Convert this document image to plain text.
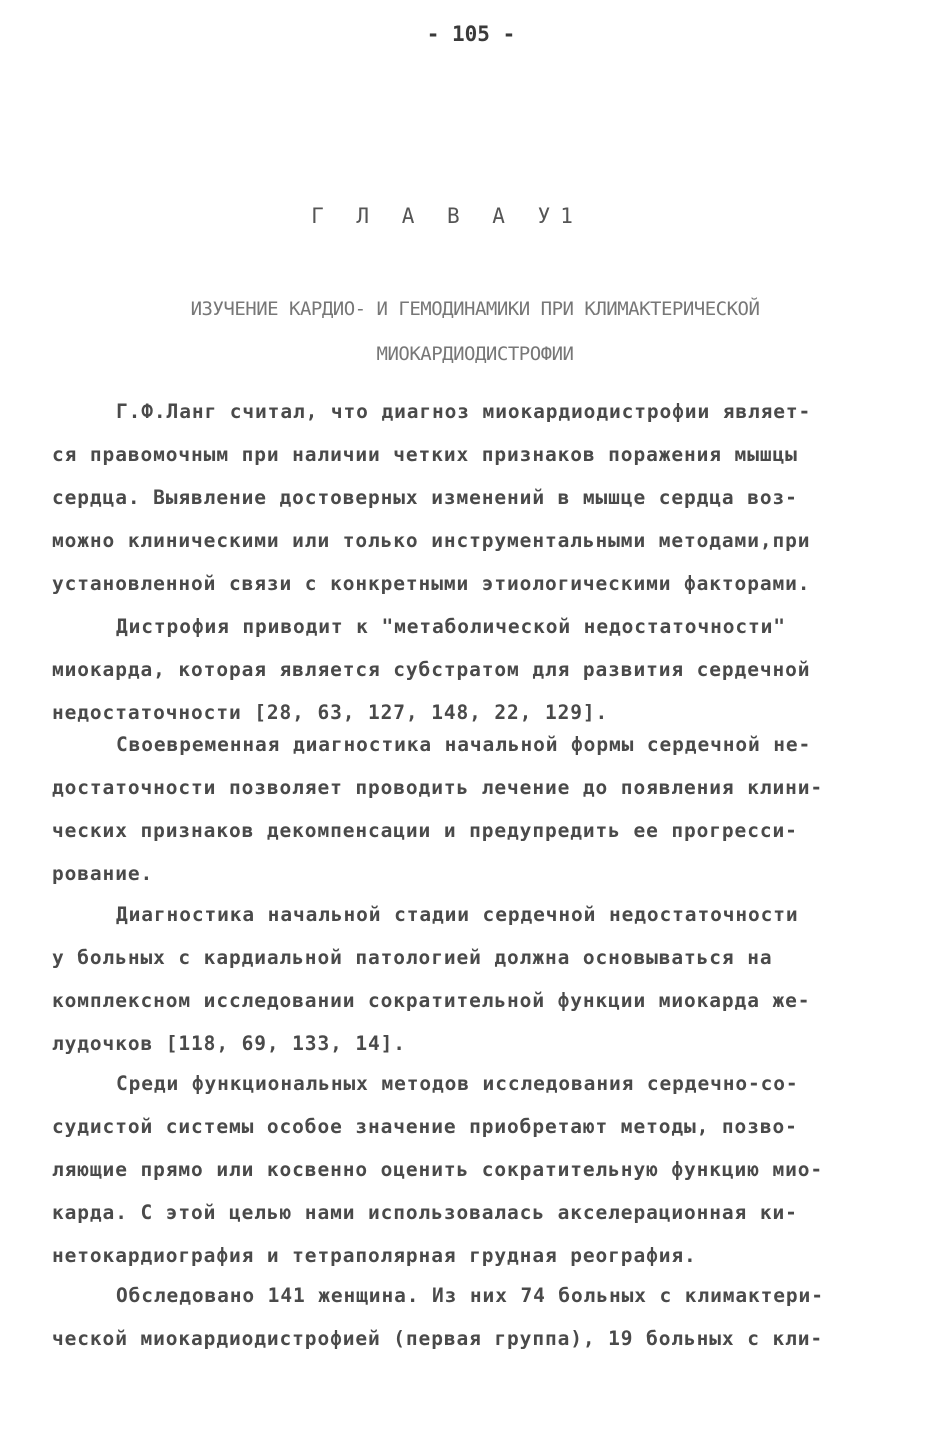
- 105 -
Г Л А В А У1
ИЗУЧЕНИЕ КАРДИО- И ГЕМОДИНАМИКИ ПРИ КЛИМАКТЕРИЧЕСКОЙ
МИОКАРДИОДИСТРОФИИ
Г.Ф.Ланг считал, что диагноз миокардиодистрофии являет-
ся правомочным при наличии четких признаков поражения мышцы
сердца. Выявление достоверных изменений в мышце сердца воз-
можно клиническими или только инструментальными методами,при
установленной связи с конкретными этиологическими факторами.
Дистрофия приводит к "метаболической недостаточности"
миокарда, которая является субстратом для развития сердечной
недостаточности [28, 63, 127, 148, 22, 129].
Своевременная диагностика начальной формы сердечной не-
достаточности позволяет проводить лечение до появления клини-
ческих признаков декомпенсации и предупредить ее прогресси-
рование.
Диагностика начальной стадии сердечной недостаточности
у больных с кардиальной патологией должна основываться на
комплексном исследовании сократительной функции миокарда же-
лудочков [118, 69, 133, 14].
Среди функциональных методов исследования сердечно-со-
судистой системы особое значение приобретают методы, позво-
ляющие прямо или косвенно оценить сократительную функцию мио-
карда. С этой целью нами использовалась акселерационная ки-
нетокардиография и тетраполярная грудная реография.
Обследовано 141 женщина. Из них 74 больных с климактери-
ческой миокардиодистрофией (первая группа), 19 больных с кли-
